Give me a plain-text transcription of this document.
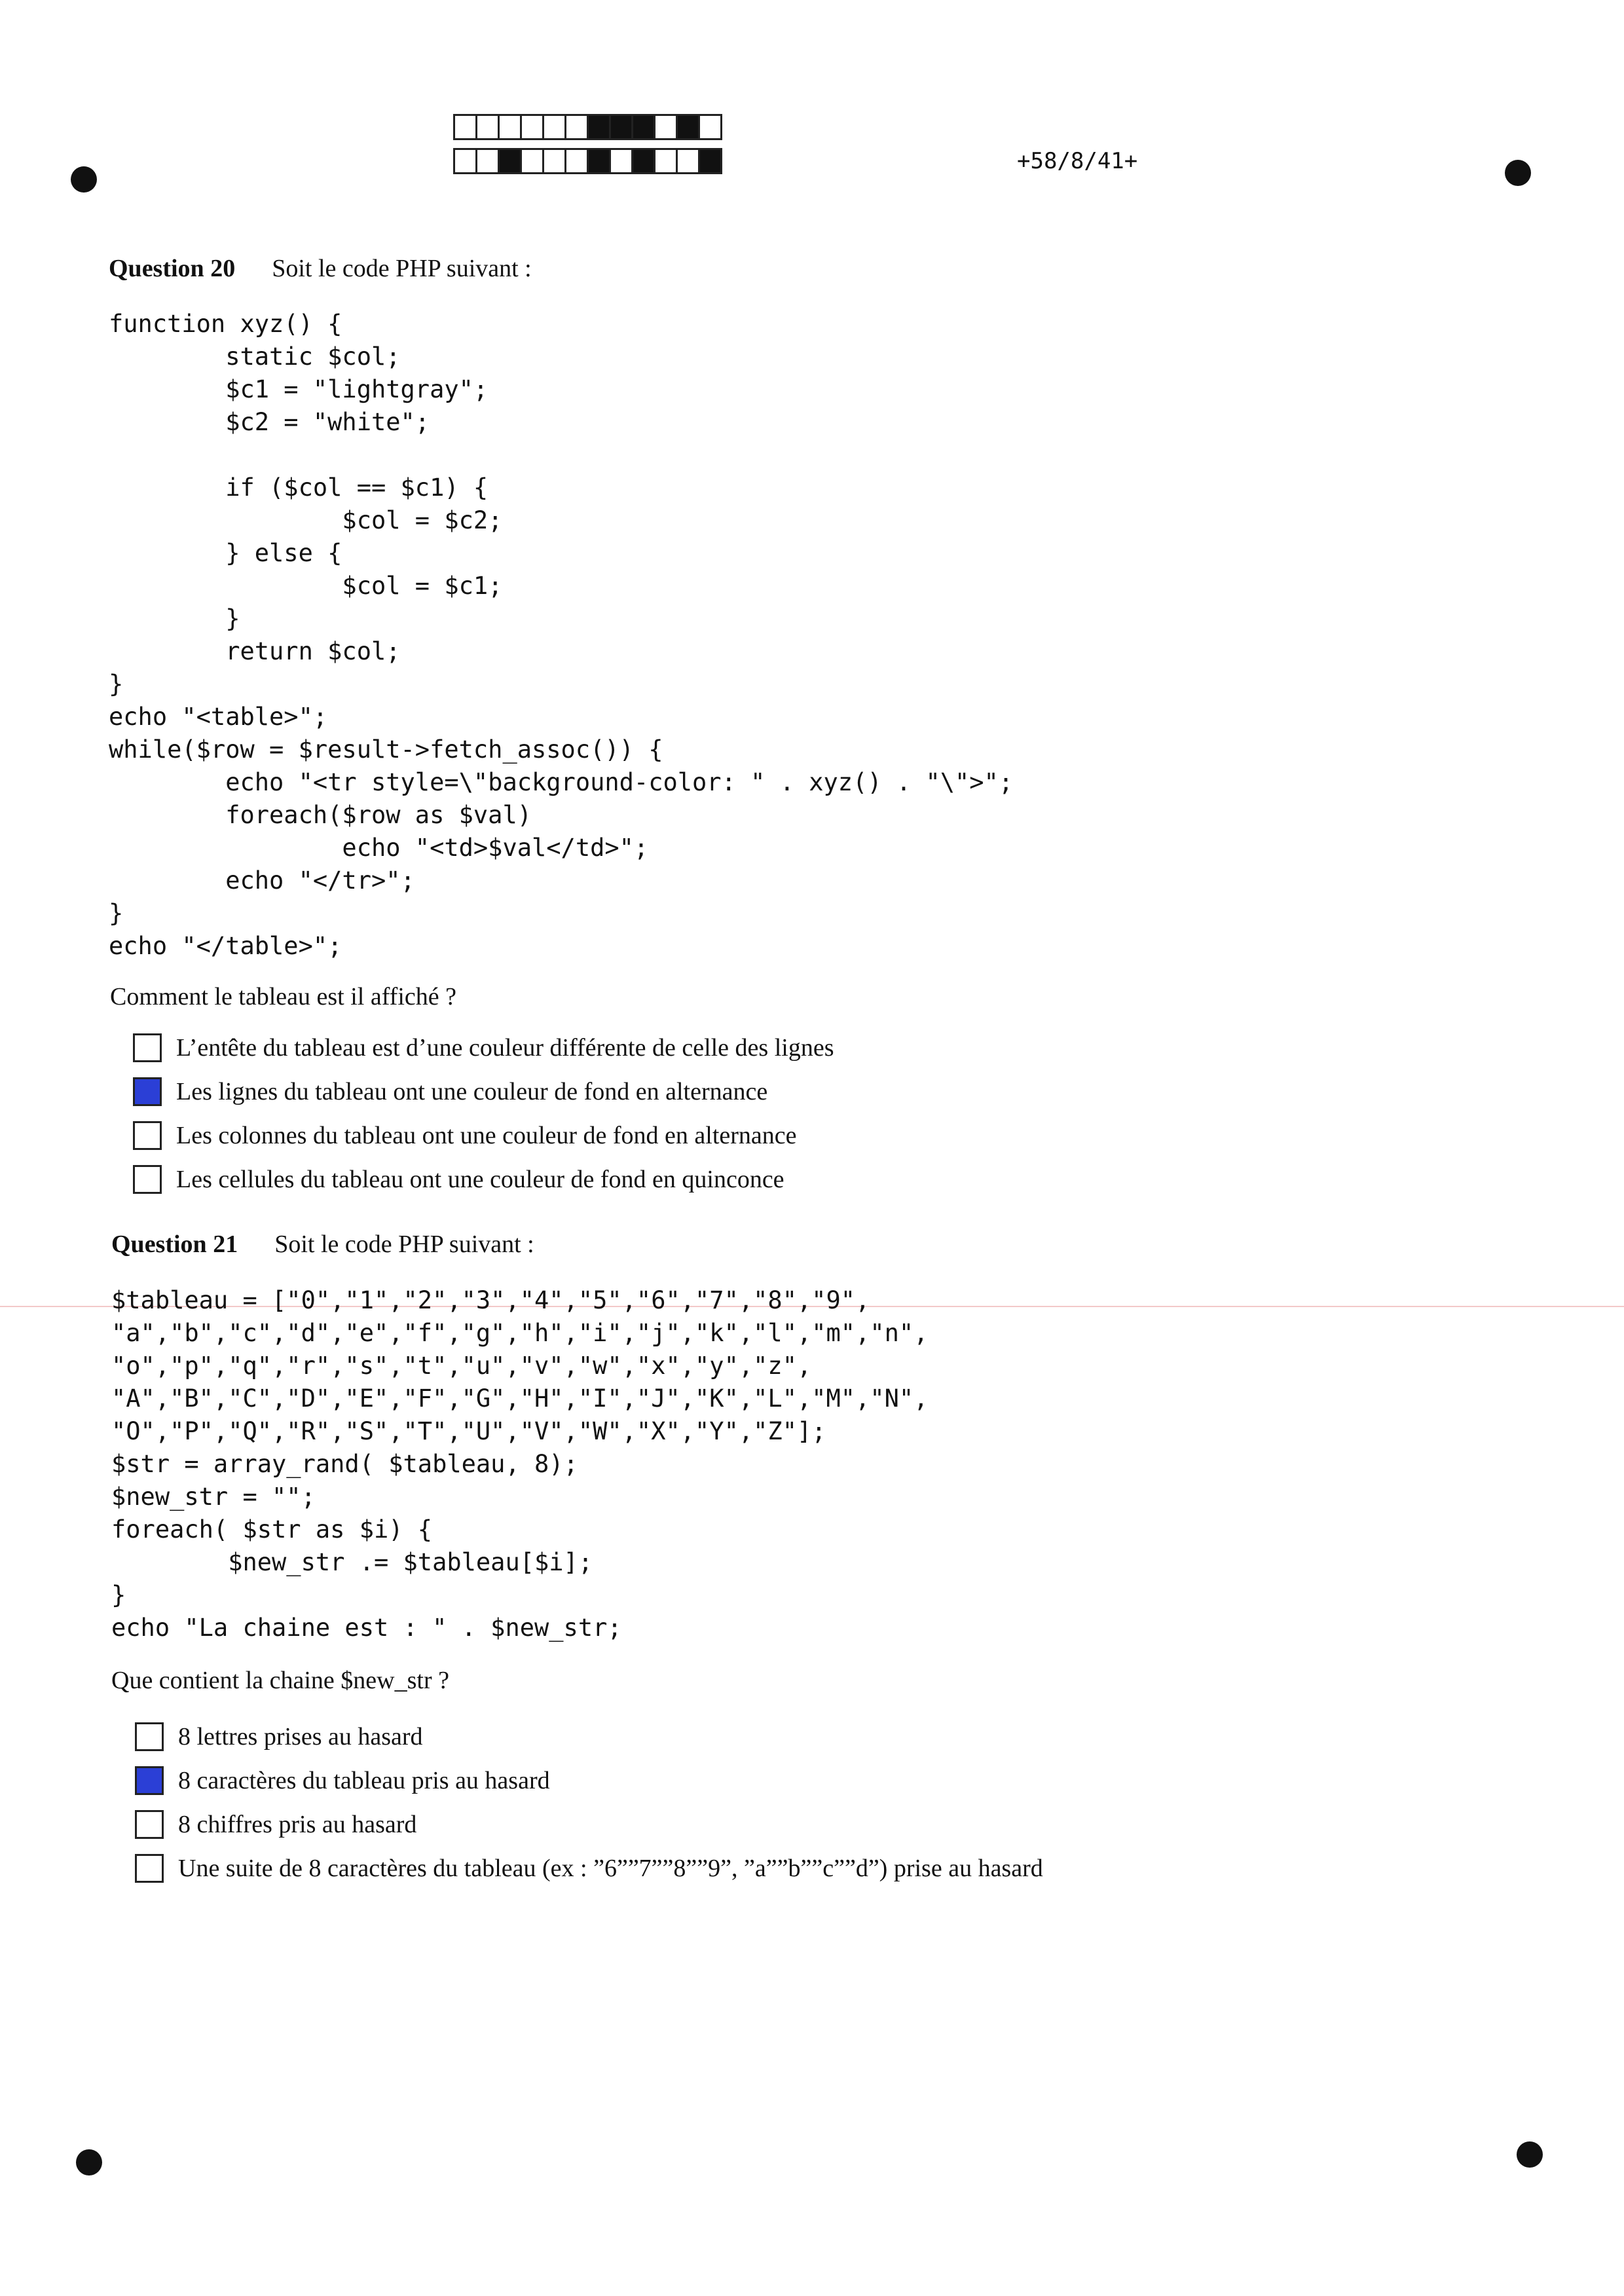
+58/8/41+
Question 20 Soit le code PHP suivant :
function xyz() {
static $col;
$c1 = "lightgray";
$c2 = "white";

if ($col == $c1) {
$col = $c2;
} else {
$col = $c1;
}
return $col;
}
echo "<table>";
while($row = $result->fetch_assoc()) {
echo "<tr style=\"background-color: " . xyz() . "\">";
foreach($row as $val)
echo "<td>$val</td>";
echo "</tr>";
}
echo "</table>";
Comment le tableau est il affiché ?
L’entête du tableau est d’une couleur différente de celle des lignes
Les lignes du tableau ont une couleur de fond en alternance
Les colonnes du tableau ont une couleur de fond en alternance
Les cellules du tableau ont une couleur de fond en quinconce
Question 21 Soit le code PHP suivant :
$tableau = ["0","1","2","3","4","5","6","7","8","9",
"a","b","c","d","e","f","g","h","i","j","k","l","m","n",
"o","p","q","r","s","t","u","v","w","x","y","z",
"A","B","C","D","E","F","G","H","I","J","K","L","M","N",
"O","P","Q","R","S","T","U","V","W","X","Y","Z"];
$str = array_rand( $tableau, 8);
$new_str = "";
foreach( $str as $i) {
$new_str .= $tableau[$i];
}
echo "La chaine est : " . $new_str;
Que contient la chaine $new_str ?
8 lettres prises au hasard
8 caractères du tableau pris au hasard
8 chiffres pris au hasard
Une suite de 8 caractères du tableau (ex : ”6””7””8””9”, ”a””b””c””d”) prise au hasard
